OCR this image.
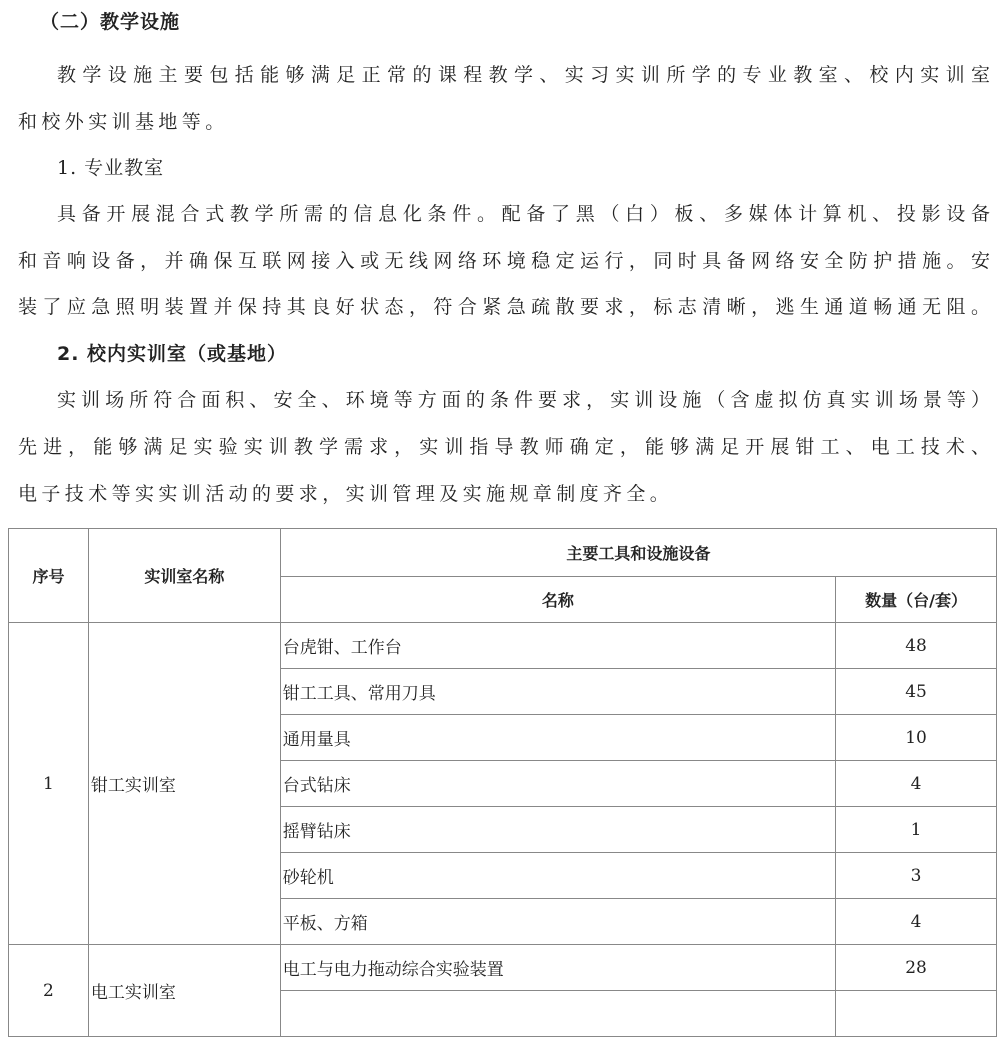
（二）教学设施
教学设施主要包括能够满足正常的课程教学、实习实训所学的专业教室、校内实训室
和校外实训基地等。
1. 专业教室
具备开展混合式教学所需的信息化条件。配备了黑（白）板、多媒体计算机、投影设备
和音响设备，并确保互联网接入或无线网络环境稳定运行，同时具备网络安全防护措施。安
装了应急照明装置并保持其良好状态，符合紧急疏散要求，标志清晰，逃生通道畅通无阻。
2. 校内实训室（或基地）
实训场所符合面积、安全、环境等方面的条件要求，实训设施（含虚拟仿真实训场景等）
先进，能够满足实验实训教学需求，实训指导教师确定，能够满足开展钳工、电工技术、
电子技术等实实训活动的要求，实训管理及实施规章制度齐全。
序号	实训室名称	主要工具和设施设备	
		名称	数量（台/套）
1	钳工实训室	台虎钳、工作台	48
		钳工工具、常用刀具	45
		通用量具	10
		台式钻床	4
		摇臂钻床	1
		砂轮机	3
		平板、方箱	4
2	电工实训室	电工与电力拖动综合实验装置	28
